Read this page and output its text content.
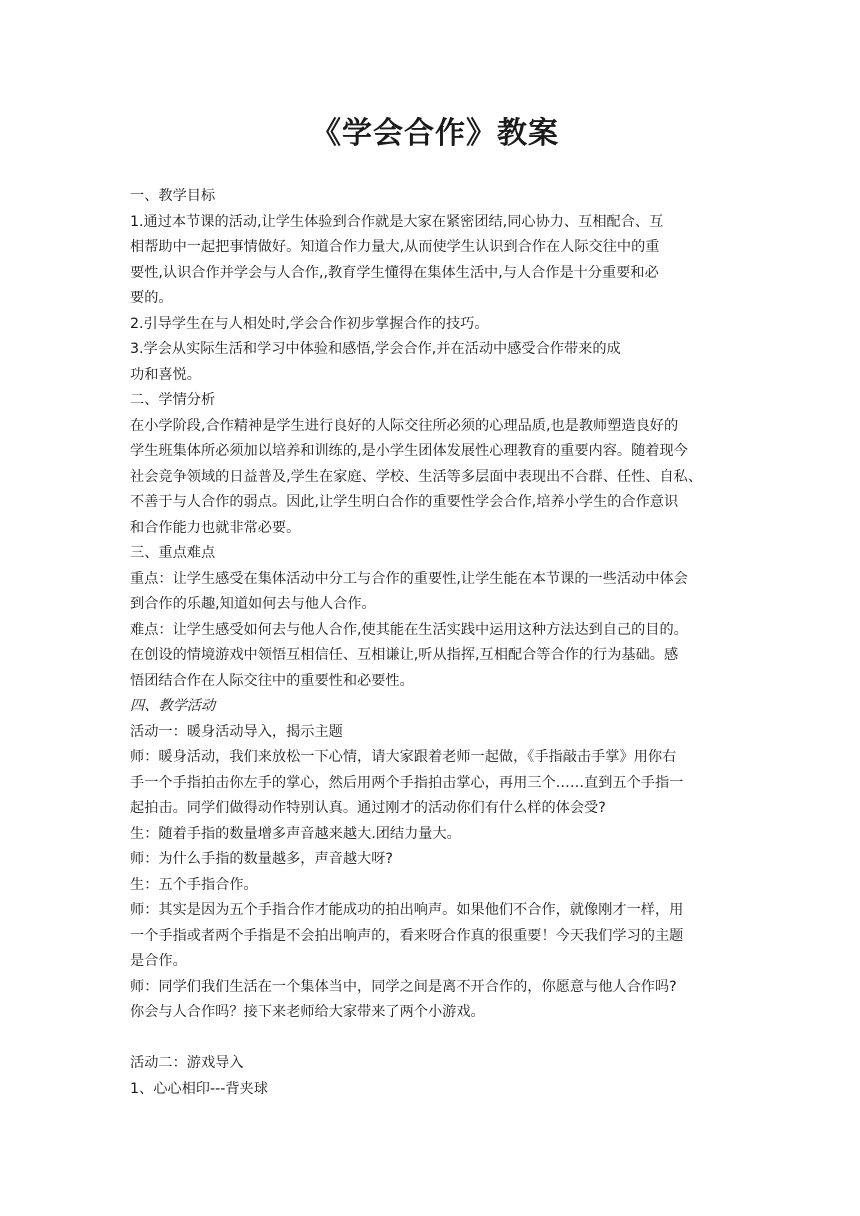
《学会合作》教案

一、教学目标

1.通过本节课的活动,让学生体验到合作就是大家在紧密团结,同心协力、互相配合、互

相帮助中一起把事情做好。知道合作力量大,从而使学生认识到合作在人际交往中的重

要性,认识合作并学会与人合作,,教育学生懂得在集体生活中,与人合作是十分重要和必

要的。

2.引导学生在与人相处时,学会合作初步掌握合作的技巧。

3.学会从实际生活和学习中体验和感悟,学会合作,并在活动中感受合作带来的成

功和喜悦。

二、学情分析

在小学阶段,合作精神是学生进行良好的人际交往所必须的心理品质,也是教师塑造良好的

学生班集体所必须加以培养和训练的,是小学生团体发展性心理教育的重要内容。随着现今

社会竞争领域的日益普及,学生在家庭、学校、生活等多层面中表现出不合群、任性、自私、

不善于与人合作的弱点。因此,让学生明白合作的重要性学会合作,培养小学生的合作意识

和合作能力也就非常必要。

三、重点难点

重点：让学生感受在集体活动中分工与合作的重要性,让学生能在本节课的一些活动中体会

到合作的乐趣,知道如何去与他人合作。

难点：让学生感受如何去与他人合作,使其能在生活实践中运用这种方法达到自己的目的。

在创设的情境游戏中领悟互相信任、互相谦让,听从指挥,互相配合等合作的行为基础。感

悟团结合作在人际交往中的重要性和必要性。

四、教学活动

活动一：暖身活动导入，揭示主题

师：暖身活动，我们来放松一下心情，请大家跟着老师一起做，《手指敲击手掌》用你右

手一个手指拍击你左手的掌心，然后用两个手指拍击掌心，再用三个……直到五个手指一

起拍击。同学们做得动作特别认真。通过刚才的活动你们有什么样的体会受?

生：随着手指的数量增多声音越来越大.团结力量大。

师：为什么手指的数量越多，声音越大呀?

生：五个手指合作。

师：其实是因为五个手指合作才能成功的拍出响声。如果他们不合作，就像刚才一样，用

一个手指或者两个手指是不会拍出响声的，看来呀合作真的很重要！今天我们学习的主题

是合作。

师：同学们我们生活在一个集体当中，同学之间是离不开合作的，你愿意与他人合作吗?

你会与人合作吗？接下来老师给大家带来了两个小游戏。

活动二：游戏导入

1、心心相印---背夹球
